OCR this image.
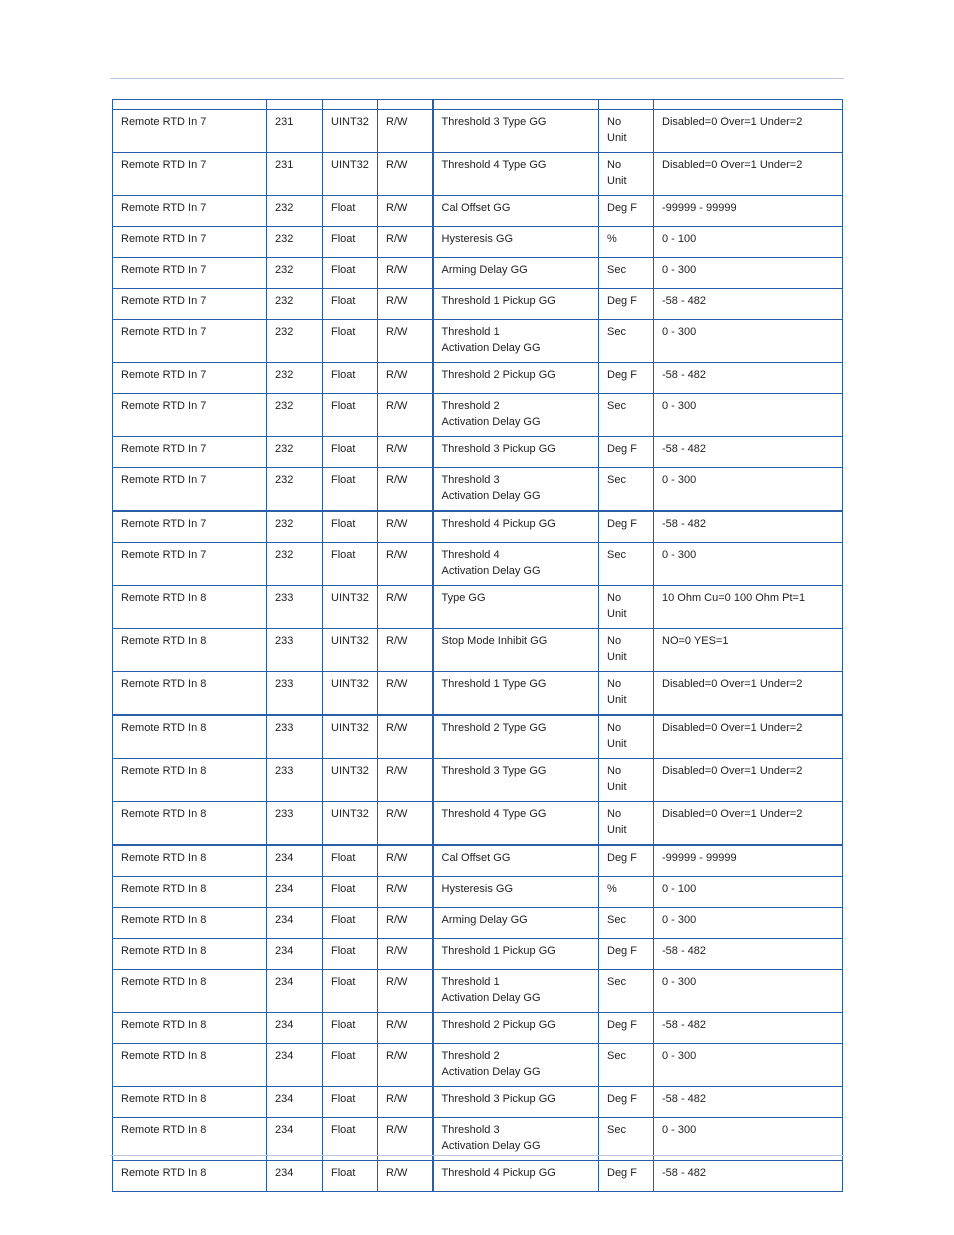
Remote RTD In 7	231	UINT32	R/W	Threshold 3 Type GG	No
Unit	Disabled=0 Over=1 Under=2
Remote RTD In 7	231	UINT32	R/W	Threshold 4 Type GG	No
Unit	Disabled=0 Over=1 Under=2
Remote RTD In 7	232	Float	R/W	Cal Offset GG	Deg F	-99999 - 99999
Remote RTD In 7	232	Float	R/W	Hysteresis GG	%	0 - 100
Remote RTD In 7	232	Float	R/W	Arming Delay GG	Sec	0 - 300
Remote RTD In 7	232	Float	R/W	Threshold 1 Pickup GG	Deg F	-58 - 482
Remote RTD In 7	232	Float	R/W	Threshold 1
Activation Delay GG	Sec	0 - 300
Remote RTD In 7	232	Float	R/W	Threshold 2 Pickup GG	Deg F	-58 - 482
Remote RTD In 7	232	Float	R/W	Threshold 2
Activation Delay GG	Sec	0 - 300
Remote RTD In 7	232	Float	R/W	Threshold 3 Pickup GG	Deg F	-58 - 482
Remote RTD In 7	232	Float	R/W	Threshold 3
Activation Delay GG	Sec	0 - 300
Remote RTD In 7	232	Float	R/W	Threshold 4 Pickup GG	Deg F	-58 - 482
Remote RTD In 7	232	Float	R/W	Threshold 4
Activation Delay GG	Sec	0 - 300
Remote RTD In 8	233	UINT32	R/W	Type GG	No
Unit	10 Ohm Cu=0 100 Ohm Pt=1
Remote RTD In 8	233	UINT32	R/W	Stop Mode Inhibit GG	No
Unit	NO=0 YES=1
Remote RTD In 8	233	UINT32	R/W	Threshold 1 Type GG	No
Unit	Disabled=0 Over=1 Under=2
Remote RTD In 8	233	UINT32	R/W	Threshold 2 Type GG	No
Unit	Disabled=0 Over=1 Under=2
Remote RTD In 8	233	UINT32	R/W	Threshold 3 Type GG	No
Unit	Disabled=0 Over=1 Under=2
Remote RTD In 8	233	UINT32	R/W	Threshold 4 Type GG	No
Unit	Disabled=0 Over=1 Under=2
Remote RTD In 8	234	Float	R/W	Cal Offset GG	Deg F	-99999 - 99999
Remote RTD In 8	234	Float	R/W	Hysteresis GG	%	0 - 100
Remote RTD In 8	234	Float	R/W	Arming Delay GG	Sec	0 - 300
Remote RTD In 8	234	Float	R/W	Threshold 1 Pickup GG	Deg F	-58 - 482
Remote RTD In 8	234	Float	R/W	Threshold 1
Activation Delay GG	Sec	0 - 300
Remote RTD In 8	234	Float	R/W	Threshold 2 Pickup GG	Deg F	-58 - 482
Remote RTD In 8	234	Float	R/W	Threshold 2
Activation Delay GG	Sec	0 - 300
Remote RTD In 8	234	Float	R/W	Threshold 3 Pickup GG	Deg F	-58 - 482
Remote RTD In 8	234	Float	R/W	Threshold 3
Activation Delay GG	Sec	0 - 300
Remote RTD In 8	234	Float	R/W	Threshold 4 Pickup GG	Deg F	-58 - 482
